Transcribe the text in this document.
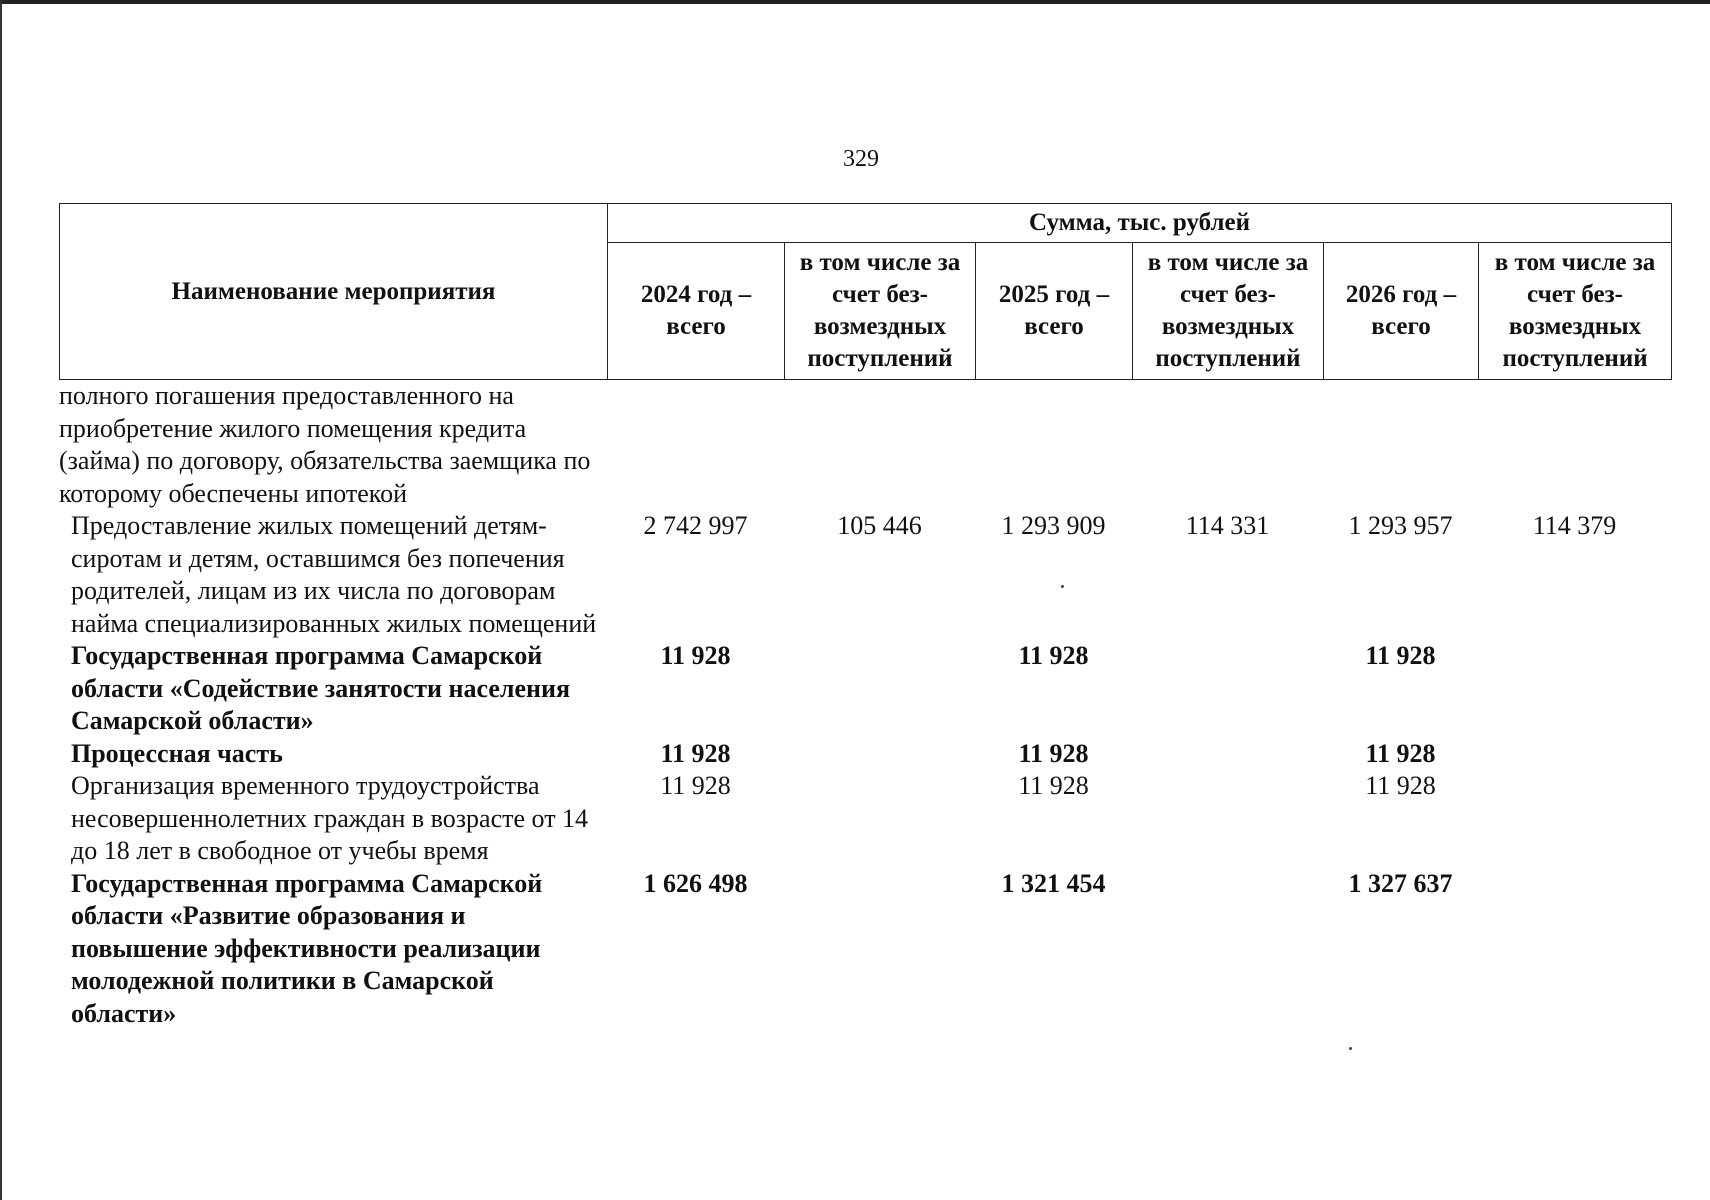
329
Наименование мероприятия	Сумма, тыс. рублей					
	2024 год – всего	в том числе за счет без-возмездных поступлений	2025 год – всего	в том числе за счет без-возмездных поступлений	2026 год – всего	в том числе за счет без-возмездных поступлений
полного погашения предоставленного на приобретение жилого помещения кредита (займа) по договору, обязательства заемщика по которому обеспечены ипотекой						
Предоставление жилых помещений детям-сиротам и детям, оставшимся без попечения родителей, лицам из их числа по договорам найма специализированных жилых помещений	2 742 997	105 446	1 293 909	114 331	1 293 957	114 379
Государственная программа Самарской области «Содействие занятости населения Самарской области»	11 928		11 928		11 928	
Процессная часть	11 928		11 928		11 928	
Организация временного трудоустройства несовершеннолетних граждан в возрасте от 14 до 18 лет в свободное от учебы время	11 928		11 928		11 928	
Государственная программа Самарской области «Развитие образования и повышение эффективности реализации молодежной политики в Самарской области»	1 626 498		1 321 454		1 327 637	
